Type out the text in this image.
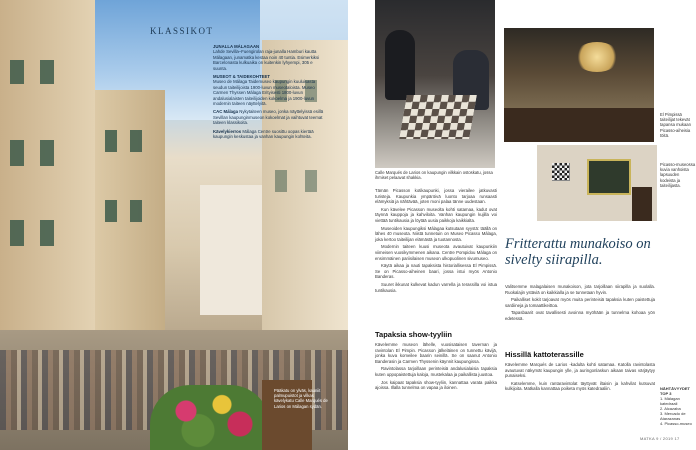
KLASSIKOT

JUNALLA MÁLAGAAN
Lahde Sevilla–Fuengirolan raja-junalla Hamburi kautta Málagaan, junamatka kestaa noin 40 tuntia. Esimerkiksi Barcelonasta kulkuaika on kuitenkin lyhyempi, 305 e suunta.

MUSEOT & TAIDEKOHTEET
Museo de Málaga Taidemuseo kaupungin kuuluisasta seudun taiteilijoista 1900-luvun museotaloista. Museo Carmen Thyssen Málaga Erityisesti 1800-luvun andalusialaisten taiteilijoiden kokoelma ja 1900-luvun modernin taiteen näyttelyitä.

CAC Málaga Nykytaiteen museo, jonka näyttelyissä esillä Sevillan kaupunginmuseon kokoelmat ja vaihtuvat teemat taiteen klassikoita.

Kävelykierros Málaga Centre suosittu oopas kiertää kaupungin keskustaa ja vanhan kaupungin kohteita.

Pääkatu on ylväs, kauniit palmupuistot ja vilkas kävelykatu Calle Marqués de Larios on Málagan sydän.
Calle Marqués de Larios on kaupungin vilkkain ostoskatu, jossa ihmiset pelaavat shakkia.
El Pimpissä taiteilijat tekevät tapansa mukaan Picasso-aiheisia töitä.
Picasso-museossa kuvia vanhoista lapsuuden kodeista ja taiteilijasta.

Tämän Picasson kotikaupunki, jossa vierailee jatkuvasti turisteja. Kaupunkia ympäröivä luonto tarjoaa runsaasti elämyksiä ja nähtävää, joten moni palaa tänne uudestaan.

Kun kävelee Picasson museolta kohti satamaa, kadut ovat täynnä kauppoja ja kahviloita. Vanhan kaupungin kujilla voi viettää tuntikausia ja löytää uusia paikkoja kaikkialta.

Museoiden kaupungiksi Málagaa kutsutaan syystä: täällä on lähes 40 museota. Niistä tunnetuin on Museo Picasso Málaga, joka kertoo taiteilijan elämästä ja tuotannosta.

Modernin taiteen kuusi museota avautuivat kaupunkiin viimeisen vuosikymmenen aikana. Centre Pompidou Málaga on ensimmäinen pariisilaisen museon ulkopuolinen sivumuseo.

Käytä aikaa ja nauti tapaksista historiallisessa El Pimpissä. Se on Picasso-aiheinen baari, jossa istui myös Antonio Banderas.

Suuret ikkunat kulkevat kadun varrella ja terassilla voi istua tuntikausia.

Tapaksia show-tyyliin

Kävelemme museon lähelle, vuosisataisen tavernan ja ravintolan El Pimpin. Picasson jälkeläinen on tunnettu kävijä, jonka kuva komeilee baarin seinillä. Se on saanut Antonio Banderasin ja Carmen Thyssenin käynnit kaupungissa.

Ravintolassa tarjoillaan perinteisiä andalusialaisia tapaksia kuten uppopaistettuja kaloja, mustekalaa ja paikallista juustoa.

Jos kaipaat tapaksia show-tyyliin, kannattaa varata paikka ajoissa. Illalla tunnelma on vapaa ja iloinen.

Fritterattu munakoiso on sivelty siirapilla.

Valitsemme malagalaisen munakoison, jota tarjoillaan siirapilla ja suolalla. Ruokalajin ystäviä on kaikkialla ja se tunnetaan hyvin.

Paikalliset kokit tarjoavat myös muita perinteisiä tapaksia kuten paistettuja sardiineja ja tomaattikeittoa.

Tapasbaarit ovat tavallisesti avoinna myöhään ja tunnelma kohoaa yön edetessä.

Hissillä kattoterassille

Kävelemme Marqués de Larios -kadulta kohti satamaa. Katolla ravintolasta avautuvat näkymät kaupungin ylle, ja auringonlaskun aikaan taivas värjäytyy punaiseksi.

Katselemme, kuin rantaravintolat täyttyvät iltaisin ja kahvilat kutsuvat kulkijoita. Matkalla kannattaa poiketa myös katedraaliin.	NÄHTÄVYYDET TOP 3
1. Málagan katedraali
2. Alcazaba
3. Mercado de Atarazanas
4. Picasso-museo
MATKA 9 / 2019 17
